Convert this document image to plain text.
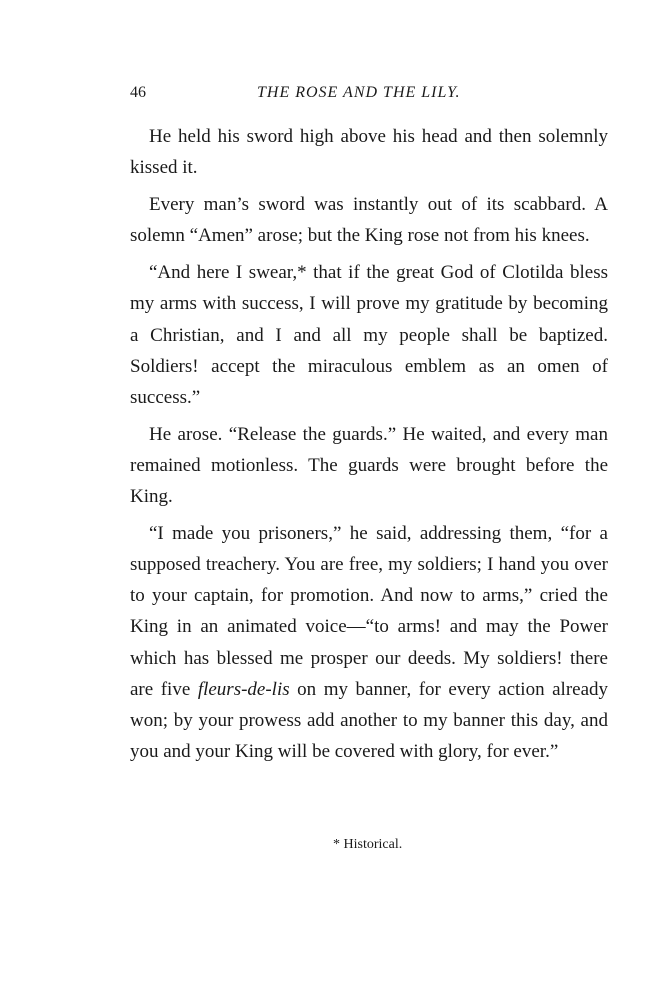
46	THE ROSE AND THE LILY.

He held his sword high above his head and then solemnly kissed it.

Every man’s sword was instantly out of its scabbard. A solemn “Amen” arose; but the King rose not from his knees.

“And here I swear,* that if the great God of Clotilda bless my arms with success, I will prove my gratitude by becoming a Christian, and I and all my people shall be baptized. Soldiers! accept the miraculous emblem as an omen of success.”

He arose. “Release the guards.” He waited, and every man remained motionless. The guards were brought before the King.

“I made you prisoners,” he said, addressing them, “for a supposed treachery. You are free, my soldiers; I hand you over to your captain, for promotion. And now to arms,” cried the King in an animated voice—“to arms! and may the Power which has blessed me prosper our deeds. My soldiers! there are five fleurs-de-lis on my banner, for every action already won; by your prowess add another to my banner this day, and you and your King will be covered with glory, for ever.”

* Historical.
